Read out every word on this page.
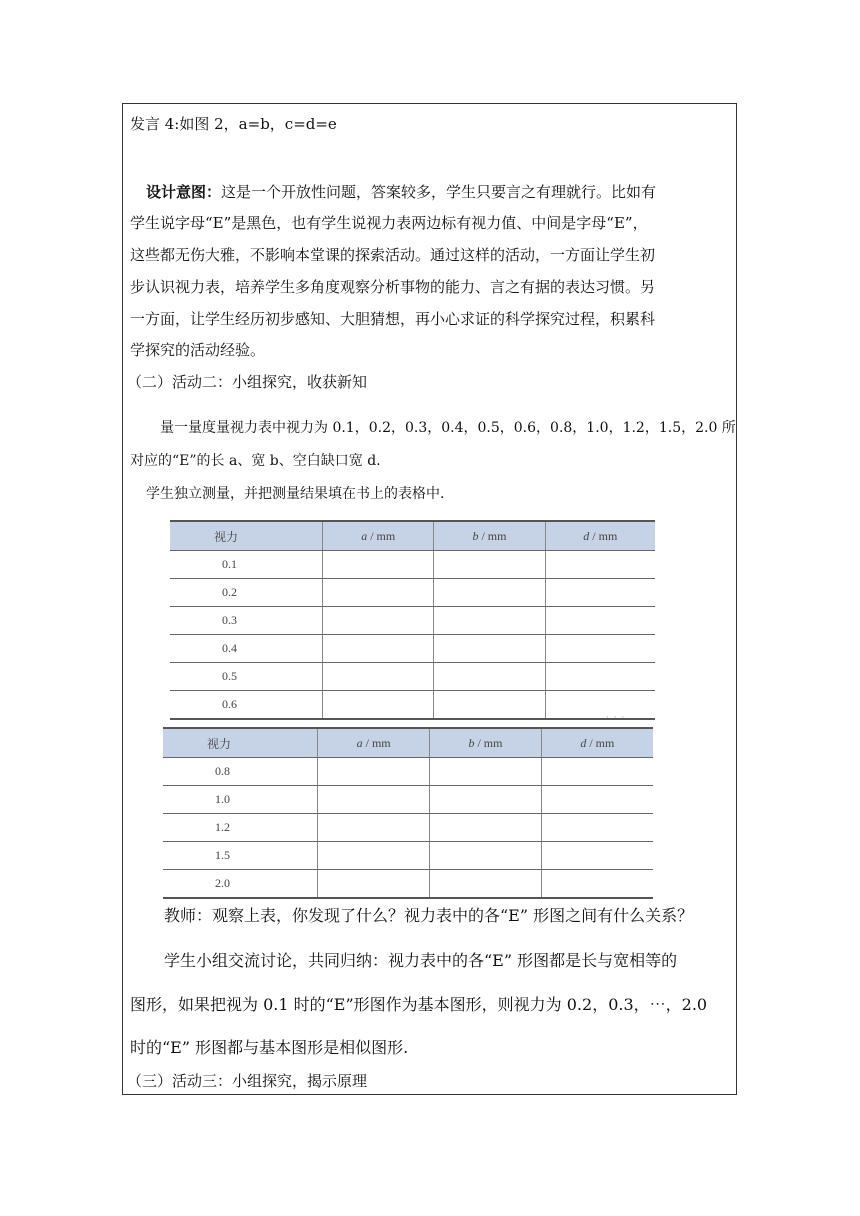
发言 4:如图 2，a=b，c=d=e
设计意图：这是一个开放性问题，答案较多，学生只要言之有理就行。比如有
学生说字母“E”是黑色，也有学生说视力表两边标有视力值、中间是字母“E”，
这些都无伤大雅，不影响本堂课的探索活动。通过这样的活动，一方面让学生初
步认识视力表，培养学生多角度观察分析事物的能力、言之有据的表达习惯。另
一方面，让学生经历初步感知、大胆猜想，再小心求证的科学探究过程，积累科
学探究的活动经验。
（二）活动二：小组探究，收获新知
量一量度量视力表中视力为 0.1，0.2，0.3，0.4，0.5，0.6，0.8，1.0，1.2，1.5，2.0 所
对应的“E”的长 a、宽 b、空白缺口宽 d.
学生独立测量，并把测量结果填在书上的表格中.
视力	a / mm	b / mm	d / mm
0.1			
0.2			
0.3			
0.4			
0.5			
0.6			
· · ·
视力	a / mm	b / mm	d / mm
0.8			
1.0			
1.2			
1.5			
2.0			
教师：观察上表，你发现了什么？视力表中的各“E” 形图之间有什么关系？
学生小组交流讨论，共同归纳：视力表中的各“E” 形图都是长与宽相等的
图形，如果把视为 0.1 时的“E”形图作为基本图形，则视力为 0.2，0.3，⋯，2.0
时的“E” 形图都与基本图形是相似图形.
（三）活动三：小组探究，揭示原理
